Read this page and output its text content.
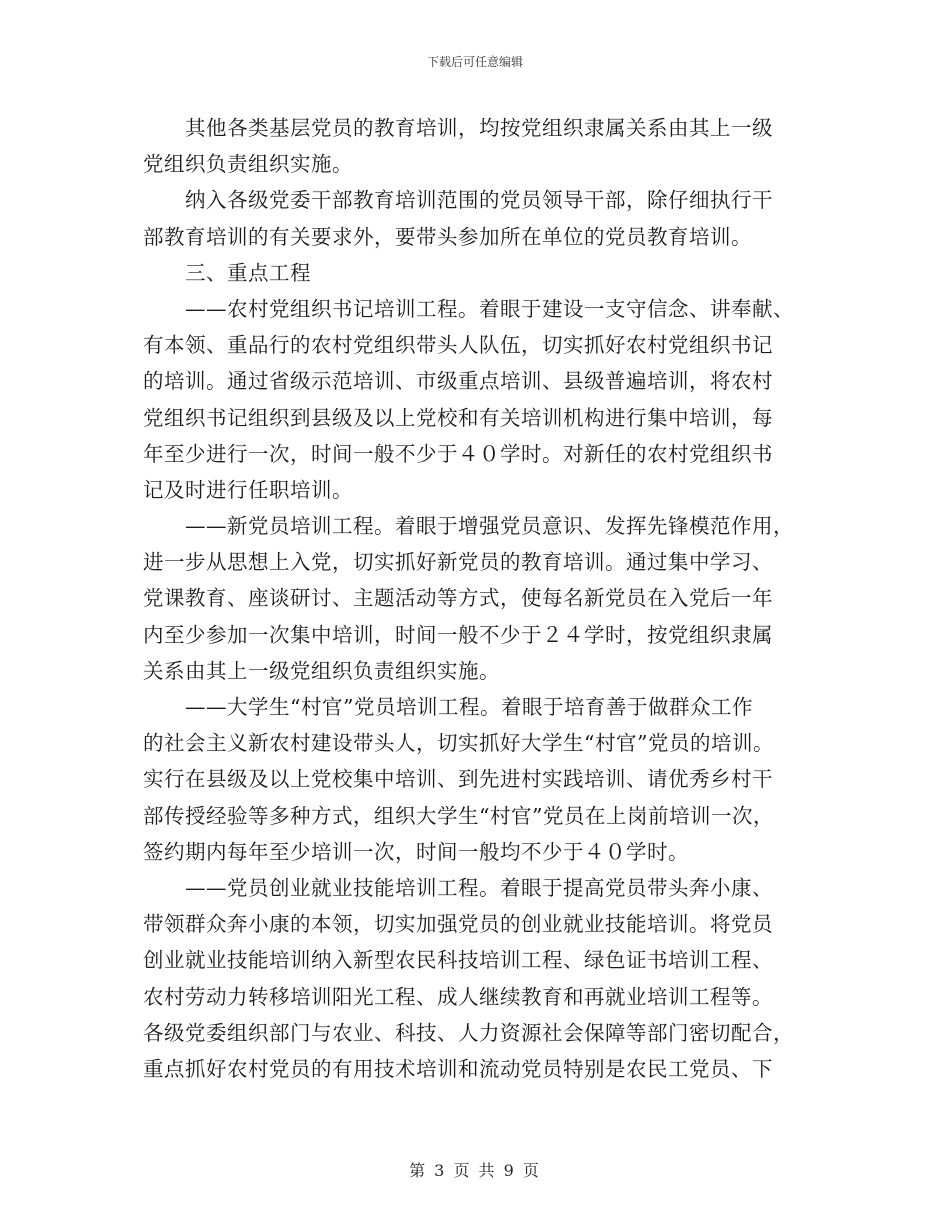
下载后可任意编辑
其他各类基层党员的教育培训，均按党组织隶属关系由其上一级
党组织负责组织实施。
纳入各级党委干部教育培训范围的党员领导干部，除仔细执行干
部教育培训的有关要求外，要带头参加所在单位的党员教育培训。
三、重点工程
——农村党组织书记培训工程。着眼于建设一支守信念、讲奉献、
有本领、重品行的农村党组织带头人队伍，切实抓好农村党组织书记
的培训。通过省级示范培训、市级重点培训、县级普遍培训，将农村
党组织书记组织到县级及以上党校和有关培训机构进行集中培训，每
年至少进行一次，时间一般不少于４０学时。对新任的农村党组织书
记及时进行任职培训。
——新党员培训工程。着眼于增强党员意识、发挥先锋模范作用，
进一步从思想上入党，切实抓好新党员的教育培训。通过集中学习、
党课教育、座谈研讨、主题活动等方式，使每名新党员在入党后一年
内至少参加一次集中培训，时间一般不少于２４学时，按党组织隶属
关系由其上一级党组织负责组织实施。
——大学生“村官”党员培训工程。着眼于培育善于做群众工作
的社会主义新农村建设带头人，切实抓好大学生“村官”党员的培训。
实行在县级及以上党校集中培训、到先进村实践培训、请优秀乡村干
部传授经验等多种方式，组织大学生“村官”党员在上岗前培训一次，
签约期内每年至少培训一次，时间一般均不少于４０学时。
——党员创业就业技能培训工程。着眼于提高党员带头奔小康、
带领群众奔小康的本领，切实加强党员的创业就业技能培训。将党员
创业就业技能培训纳入新型农民科技培训工程、绿色证书培训工程、
农村劳动力转移培训阳光工程、成人继续教育和再就业培训工程等。
各级党委组织部门与农业、科技、人力资源社会保障等部门密切配合，
重点抓好农村党员的有用技术培训和流动党员特别是农民工党员、下
第 3 页 共 9 页
